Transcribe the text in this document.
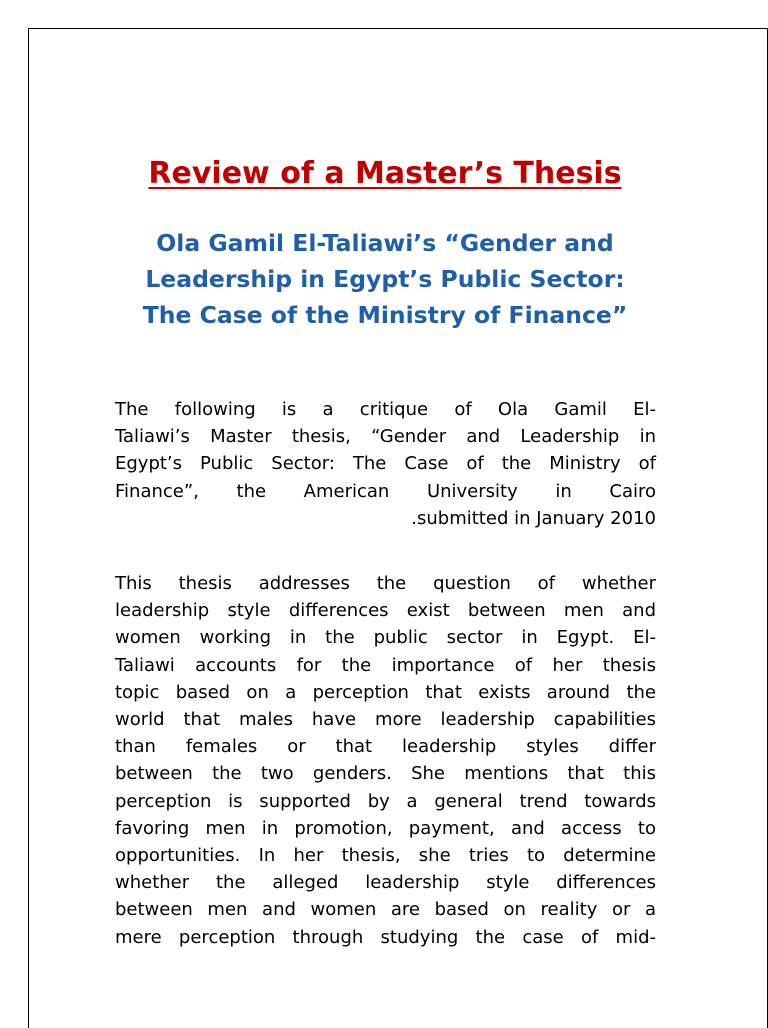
Review of a Master’s Thesis
Ola Gamil El-Taliawi’s “Gender and
Leadership in Egypt’s Public Sector:
The Case of the Ministry of Finance”
The following is a critique of Ola Gamil El-
Taliawi’s Master thesis, “Gender and Leadership in
Egypt’s Public Sector: The Case of the Ministry of
Finance”, the American University in Cairo
.submitted in January 2010
This thesis addresses the question of whether
leadership style differences exist between men and
women working in the public sector in Egypt. El-
Taliawi accounts for the importance of her thesis
topic based on a perception that exists around the
world that males have more leadership capabilities
than females or that leadership styles differ
between the two genders. She mentions that this
perception is supported by a general trend towards
favoring men in promotion, payment, and access to
opportunities. In her thesis, she tries to determine
whether the alleged leadership style differences
between men and women are based on reality or a
mere perception through studying the case of mid-
